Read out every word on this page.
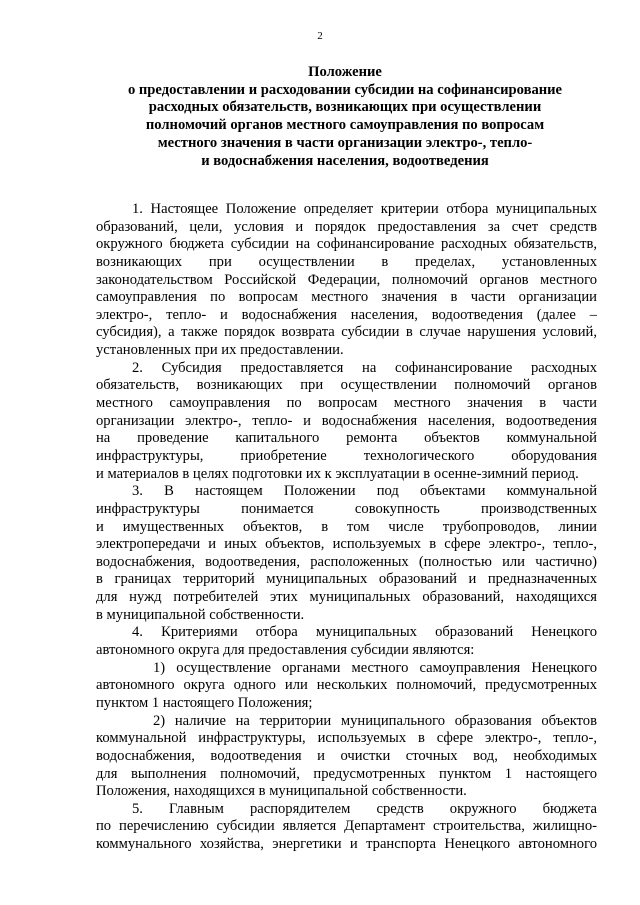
2
Положение
о предоставлении и расходовании субсидии на софинансирование
расходных обязательств, возникающих при осуществлении
полномочий органов местного самоуправления по вопросам
местного значения в части организации электро-, тепло-
и водоснабжения населения, водоотведения
1. Настоящее Положение определяет критерии отбора муниципальных
образований, цели, условия и порядок предоставления за счет средств
окружного бюджета субсидии на софинансирование расходных обязательств,
возникающих при осуществлении в пределах, установленных
законодательством Российской Федерации, полномочий органов местного
самоуправления по вопросам местного значения в части организации
электро-, тепло- и водоснабжения населения, водоотведения (далее –
субсидия), а также порядок возврата субсидии в случае нарушения условий,
установленных при их предоставлении.
2. Субсидия предоставляется на софинансирование расходных
обязательств, возникающих при осуществлении полномочий органов
местного самоуправления по вопросам местного значения в части
организации электро-, тепло- и водоснабжения населения, водоотведения
на проведение капитального ремонта объектов коммунальной
инфраструктуры, приобретение технологического оборудования
и материалов в целях подготовки их к эксплуатации в осенне-зимний период.
3. В настоящем Положении под объектами коммунальной
инфраструктуры понимается совокупность производственных
и имущественных объектов, в том числе трубопроводов, линии
электропередачи и иных объектов, используемых в сфере электро-, тепло-,
водоснабжения, водоотведения, расположенных (полностью или частично)
в границах территорий муниципальных образований и предназначенных
для нужд потребителей этих муниципальных образований, находящихся
в муниципальной собственности.
4. Критериями отбора муниципальных образований Ненецкого
автономного округа для предоставления субсидии являются:
1) осуществление органами местного самоуправления Ненецкого
автономного округа одного или нескольких полномочий, предусмотренных
пунктом 1 настоящего Положения;
2) наличие на территории муниципального образования объектов
коммунальной инфраструктуры, используемых в сфере электро-, тепло-,
водоснабжения, водоотведения и очистки сточных вод, необходимых
для выполнения полномочий, предусмотренных пунктом 1 настоящего
Положения, находящихся в муниципальной собственности.
5. Главным распорядителем средств окружного бюджета
по перечислению субсидии является Департамент строительства, жилищно-
коммунального хозяйства, энергетики и транспорта Ненецкого автономного
